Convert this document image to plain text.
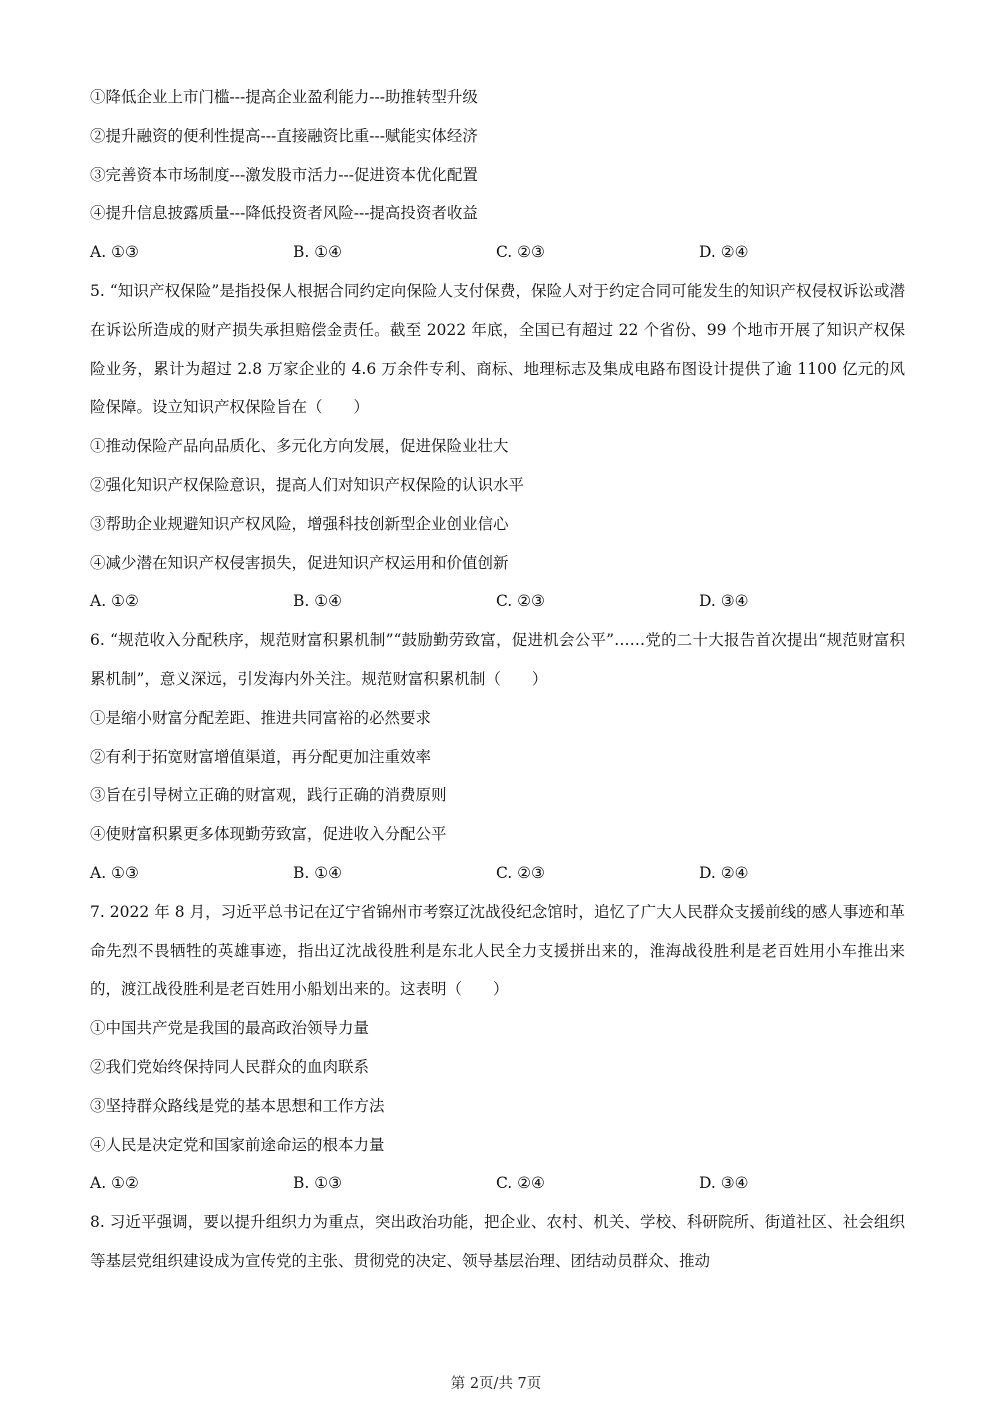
①降低企业上市门槛---提高企业盈利能力---助推转型升级
②提升融资的便利性提高---直接融资比重---赋能实体经济
③完善资本市场制度---激发股市活力---促进资本优化配置
④提升信息披露质量---降低投资者风险---提高投资者收益
A. ①③	B. ①④	C. ②③	D. ②④
5. “知识产权保险”是指投保人根据合同约定向保险人支付保费，保险人对于约定合同可能发生的知识产权侵权诉讼或潜在诉讼所造成的财产损失承担赔偿金责任。截至 2022 年底，全国已有超过 22 个省份、99 个地市开展了知识产权保险业务，累计为超过 2.8 万家企业的 4.6 万余件专利、商标、地理标志及集成电路布图设计提供了逾 1100 亿元的风险保障。设立知识产权保险旨在（　　）
①推动保险产品向品质化、多元化方向发展，促进保险业壮大
②强化知识产权保险意识，提高人们对知识产权保险的认识水平
③帮助企业规避知识产权风险，增强科技创新型企业创业信心
④减少潜在知识产权侵害损失，促进知识产权运用和价值创新
A. ①②	B. ①④	C. ②③	D. ③④
6. “规范收入分配秩序，规范财富积累机制”“鼓励勤劳致富，促进机会公平”……党的二十大报告首次提出“规范财富积累机制”，意义深远，引发海内外关注。规范财富积累机制（　　）
①是缩小财富分配差距、推进共同富裕的必然要求
②有利于拓宽财富增值渠道，再分配更加注重效率
③旨在引导树立正确的财富观，践行正确的消费原则
④使财富积累更多体现勤劳致富，促进收入分配公平
A. ①③	B. ①④	C. ②③	D. ②④
7. 2022 年 8 月，习近平总书记在辽宁省锦州市考察辽沈战役纪念馆时，追忆了广大人民群众支援前线的感人事迹和革命先烈不畏牺牲的英雄事迹，指出辽沈战役胜利是东北人民全力支援拼出来的，淮海战役胜利是老百姓用小车推出来的，渡江战役胜利是老百姓用小船划出来的。这表明（　　）
①中国共产党是我国的最高政治领导力量
②我们党始终保持同人民群众的血肉联系
③坚持群众路线是党的基本思想和工作方法
④人民是决定党和国家前途命运的根本力量
A. ①②	B. ①③	C. ②④	D. ③④
8. 习近平强调，要以提升组织力为重点，突出政治功能，把企业、农村、机关、学校、科研院所、街道社区、社会组织等基层党组织建设成为宣传党的主张、贯彻党的决定、领导基层治理、团结动员群众、推动
第 2页/共 7页
